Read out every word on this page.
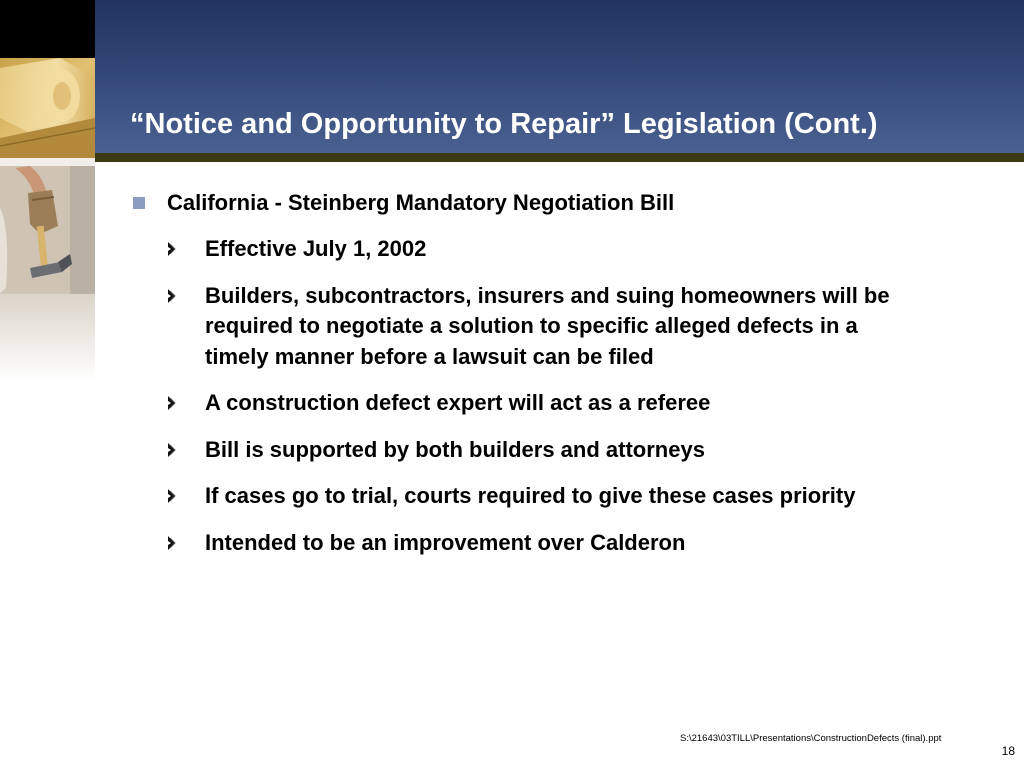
“Notice and Opportunity to Repair” Legislation (Cont.)
California - Steinberg Mandatory Negotiation Bill
Effective July 1, 2002
Builders, subcontractors, insurers and suing homeowners will be required to negotiate a solution to specific alleged defects in a timely manner before a lawsuit can be filed
A construction defect expert will act as a referee
Bill is supported by both builders and attorneys
If cases go to trial, courts required to give these cases priority
Intended to be an improvement over Calderon
S:\21643\03TILL\Presentations\ConstructionDefects (final).ppt
18
